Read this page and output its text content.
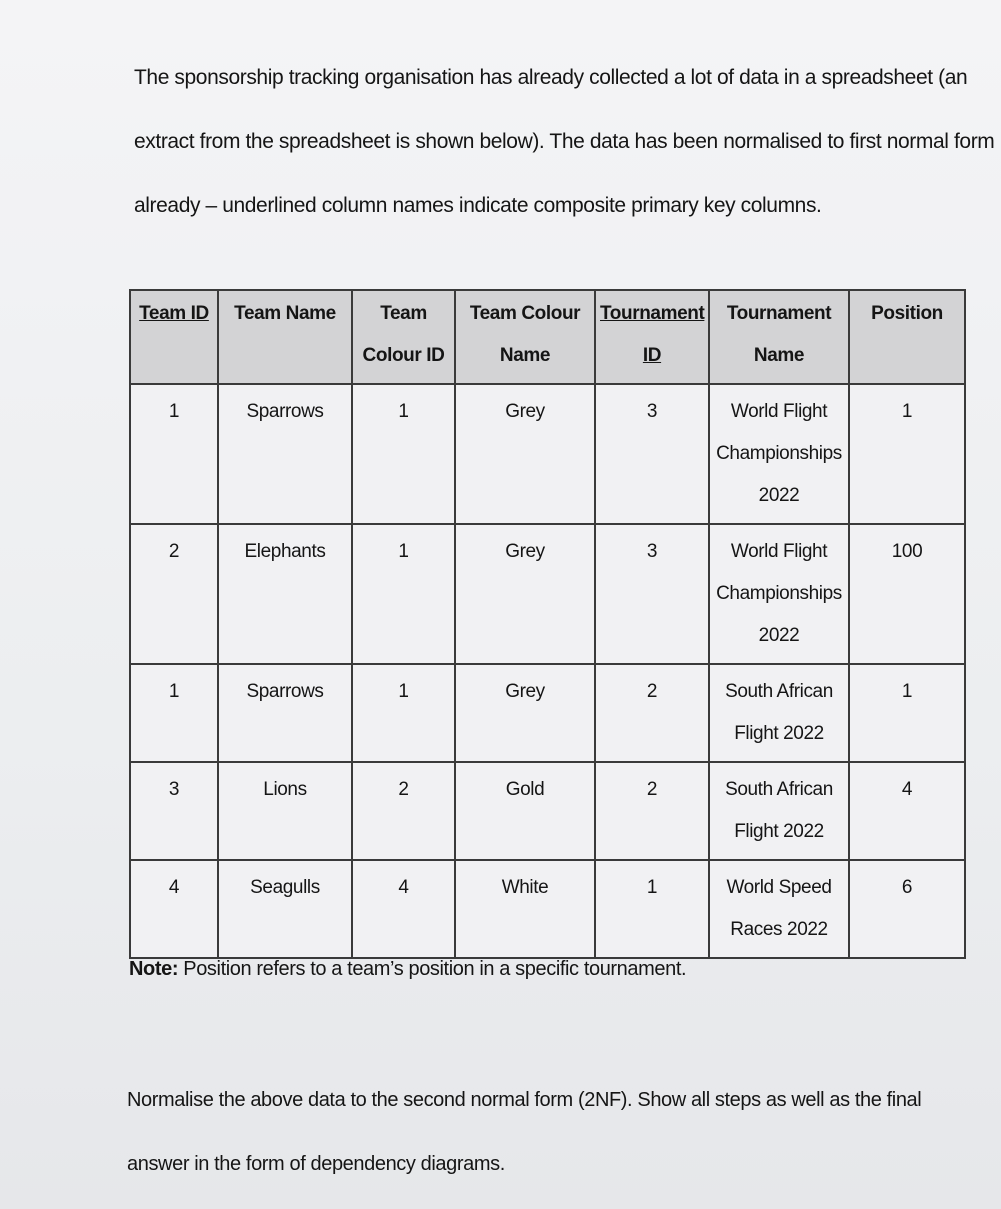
The sponsorship tracking organisation has already collected a lot of data in a spreadsheet (an
extract from the spreadsheet is shown below). The data has been normalised to first normal form
already – underlined column names indicate composite primary key columns.

Team ID	Team Name	Team Colour ID	Team Colour Name	Tournament ID	Tournament Name	Position
1	Sparrows	1	Grey	3	World Flight Championships 2022	1
2	Elephants	1	Grey	3	World Flight Championships 2022	100
1	Sparrows	1	Grey	2	South African Flight 2022	1
3	Lions	2	Gold	2	South African Flight 2022	4
4	Seagulls	4	White	1	World Speed Races 2022	6

Note: Position refers to a team’s position in a specific tournament.

Normalise the above data to the second normal form (2NF). Show all steps as well as the final
answer in the form of dependency diagrams.
